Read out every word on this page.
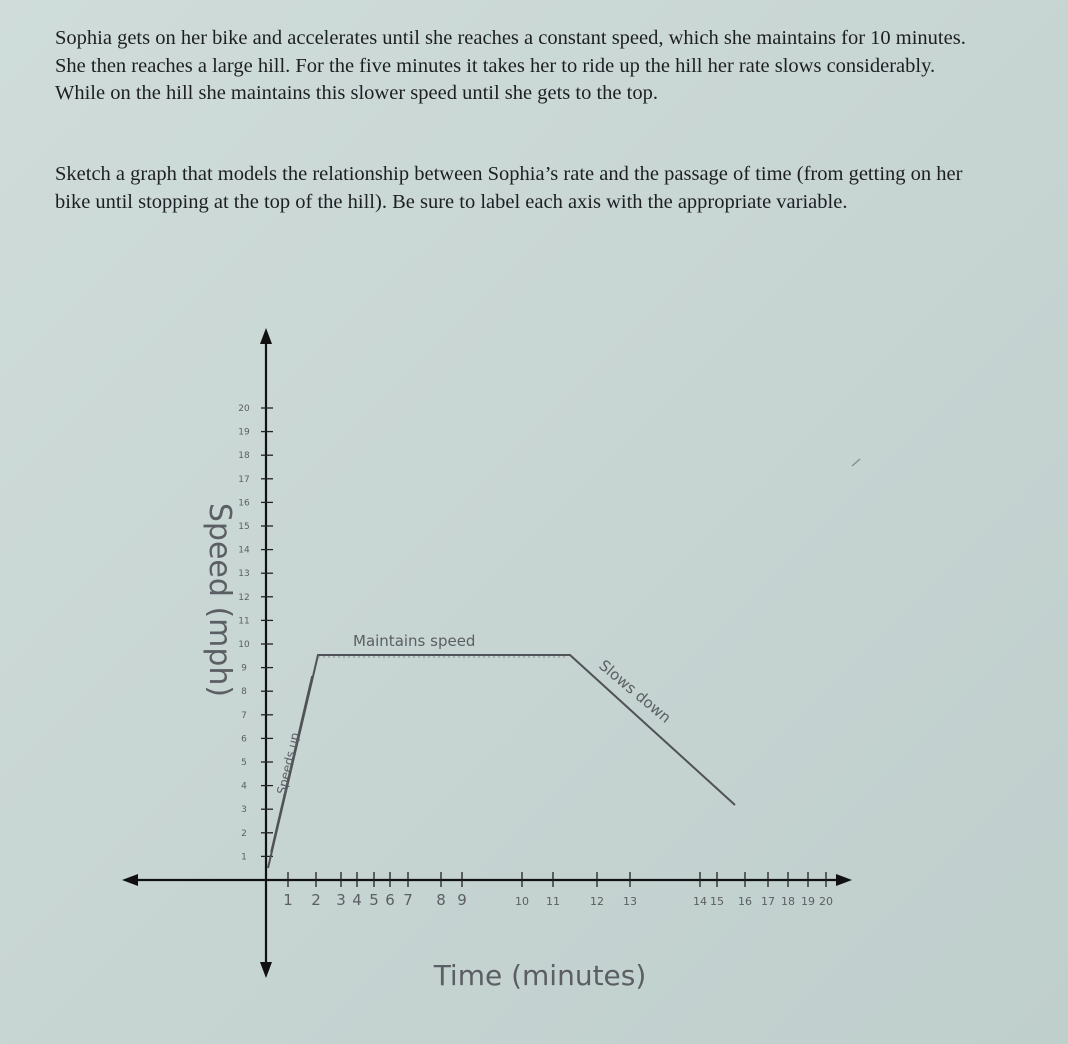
Sophia gets on her bike and accelerates until she reaches a constant speed, which she maintains for 10 minutes. She then reaches a large hill. For the five minutes it takes her to ride up the hill her rate slows considerably. While on the hill she maintains this slower speed until she gets to the top.
Sketch a graph that models the relationship between Sophia’s rate and the passage of time (from getting on her bike until stopping at the top of the hill). Be sure to label each axis with the appropriate variable.
1
2
3
4
5
6
7
8
9
10
11
12
13
14
15
16
17
18
19
20
1 2 3 4 5 6 7 8 9	10 11	12 13	14 15 16 17 18 19 20
Speeds up
Maintains speed
Slows down
Speed (mph)
Time (minutes)
